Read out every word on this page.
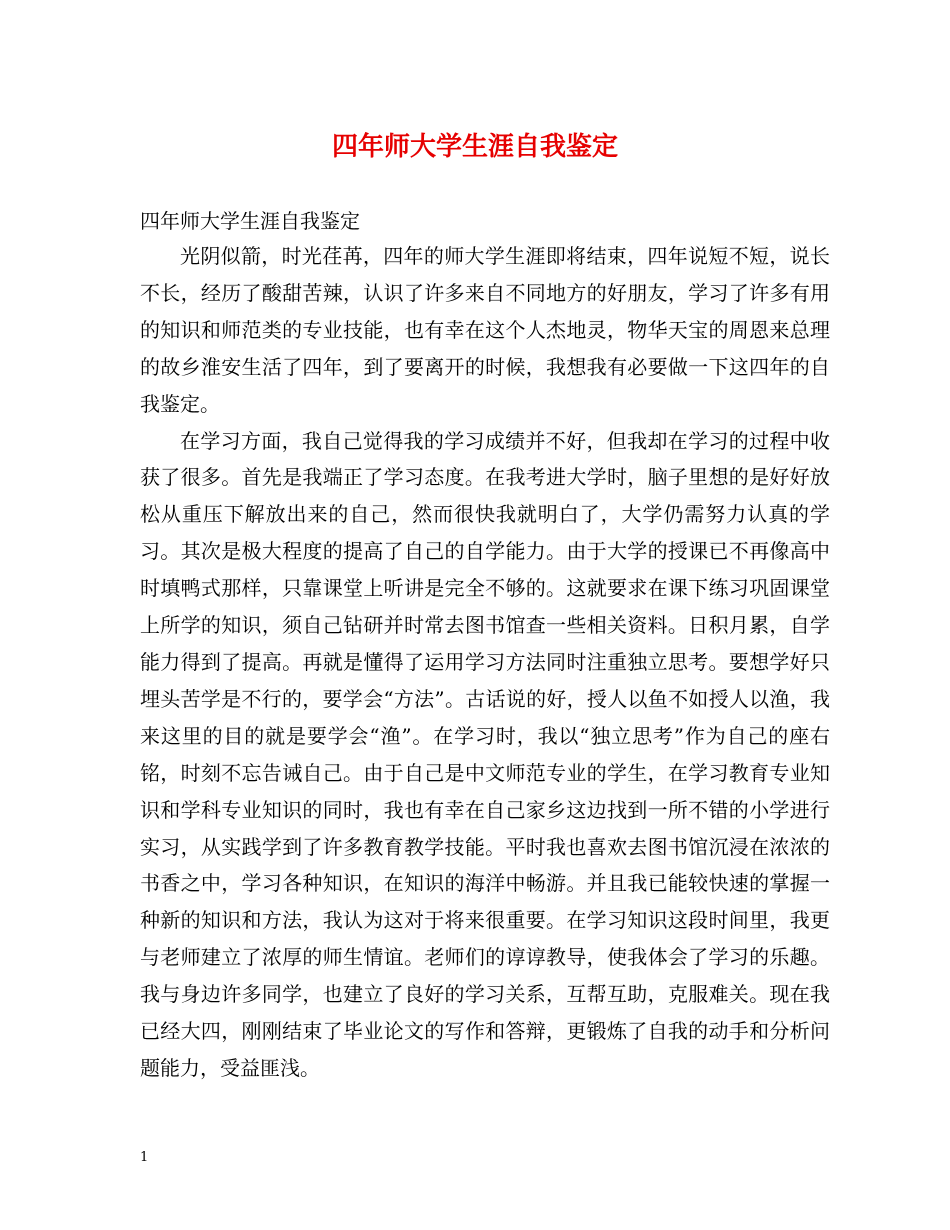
四年师大学生涯自我鉴定

四年师大学生涯自我鉴定

光阴似箭，时光荏苒，四年的师大学生涯即将结束，四年说短不短，说长不长，经历了酸甜苦辣，认识了许多来自不同地方的好朋友，学习了许多有用的知识和师范类的专业技能，也有幸在这个人杰地灵，物华天宝的周恩来总理的故乡淮安生活了四年，到了要离开的时候，我想我有必要做一下这四年的自我鉴定。

在学习方面，我自己觉得我的学习成绩并不好，但我却在学习的过程中收获了很多。首先是我端正了学习态度。在我考进大学时，脑子里想的是好好放松从重压下解放出来的自己，然而很快我就明白了，大学仍需努力认真的学习。其次是极大程度的提高了自己的自学能力。由于大学的授课已不再像高中时填鸭式那样，只靠课堂上听讲是完全不够的。这就要求在课下练习巩固课堂上所学的知识，须自己钻研并时常去图书馆查一些相关资料。日积月累，自学能力得到了提高。再就是懂得了运用学习方法同时注重独立思考。要想学好只埋头苦学是不行的，要学会“方法”。古话说的好，授人以鱼不如授人以渔，我来这里的目的就是要学会“渔”。在学习时，我以“独立思考”作为自己的座右铭，时刻不忘告诫自己。由于自己是中文师范专业的学生，在学习教育专业知识和学科专业知识的同时，我也有幸在自己家乡这边找到一所不错的小学进行实习，从实践学到了许多教育教学技能。平时我也喜欢去图书馆沉浸在浓浓的书香之中，学习各种知识，在知识的海洋中畅游。并且我已能较快速的掌握一种新的知识和方法，我认为这对于将来很重要。在学习知识这段时间里，我更与老师建立了浓厚的师生情谊。老师们的谆谆教导，使我体会了学习的乐趣。我与身边许多同学，也建立了良好的学习关系，互帮互助，克服难关。现在我已经大四，刚刚结束了毕业论文的写作和答辩，更锻炼了自我的动手和分析问题能力，受益匪浅。

1
